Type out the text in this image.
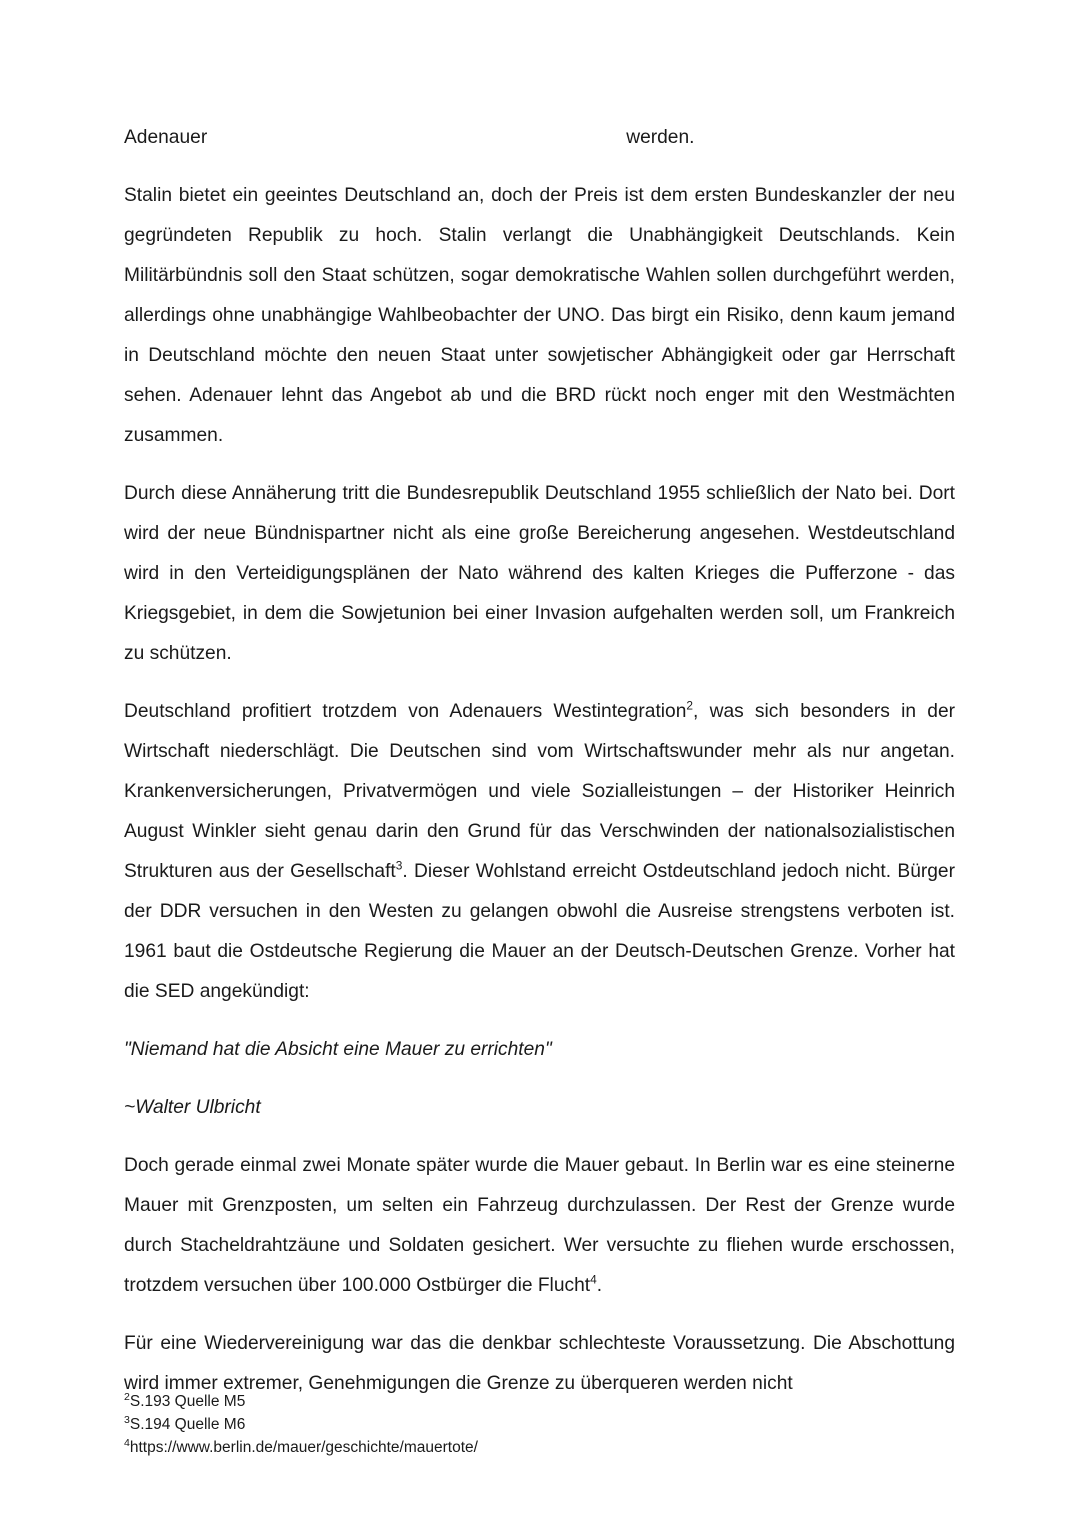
Adenauer	werden.

Stalin bietet ein geeintes Deutschland an, doch der Preis ist dem ersten Bundeskanzler der neu gegründeten Republik zu hoch. Stalin verlangt die Unabhängigkeit Deutschlands. Kein Militärbündnis soll den Staat schützen, sogar demokratische Wahlen sollen durchgeführt werden, allerdings ohne unabhängige Wahlbeobachter der UNO. Das birgt ein Risiko, denn kaum jemand in Deutschland möchte den neuen Staat unter sowjetischer Abhängigkeit oder gar Herrschaft sehen. Adenauer lehnt das Angebot ab und die BRD rückt noch enger mit den Westmächten zusammen.

Durch diese Annäherung tritt die Bundesrepublik Deutschland 1955 schließlich der Nato bei. Dort wird der neue Bündnispartner nicht als eine große Bereicherung angesehen. Westdeutschland wird in den Verteidigungsplänen der Nato während des kalten Krieges die Pufferzone - das Kriegsgebiet, in dem die Sowjetunion bei einer Invasion aufgehalten werden soll, um Frankreich zu schützen.

Deutschland profitiert trotzdem von Adenauers Westintegration$^2$, was sich besonders in der Wirtschaft niederschlägt. Die Deutschen sind vom Wirtschaftswunder mehr als nur angetan. Krankenversicherungen, Privatvermögen und viele Sozialleistungen – der Historiker Heinrich August Winkler sieht genau darin den Grund für das Verschwinden der nationalsozialistischen Strukturen aus der Gesellschaft$^3$. Dieser Wohlstand erreicht Ostdeutschland jedoch nicht. Bürger der DDR versuchen in den Westen zu gelangen obwohl die Ausreise strengstens verboten ist. 1961 baut die Ostdeutsche Regierung die Mauer an der Deutsch-Deutschen Grenze. Vorher hat die SED angekündigt:

"Niemand hat die Absicht eine Mauer zu errichten"

~Walter Ulbricht

Doch gerade einmal zwei Monate später wurde die Mauer gebaut. In Berlin war es eine steinerne Mauer mit Grenzposten, um selten ein Fahrzeug durchzulassen. Der Rest der Grenze wurde durch Stacheldrahtzäune und Soldaten gesichert. Wer versuchte zu fliehen wurde erschossen, trotzdem versuchen über 100.000 Ostbürger die Flucht$^4$.

Für eine Wiedervereinigung war das die denkbar schlechteste Voraussetzung. Die Abschottung wird immer extremer, Genehmigungen die Grenze zu überqueren werden nicht

$^2$S.193 Quelle M5

$^3$S.194 Quelle M6

$^4$https://www.berlin.de/mauer/geschichte/mauertote/
